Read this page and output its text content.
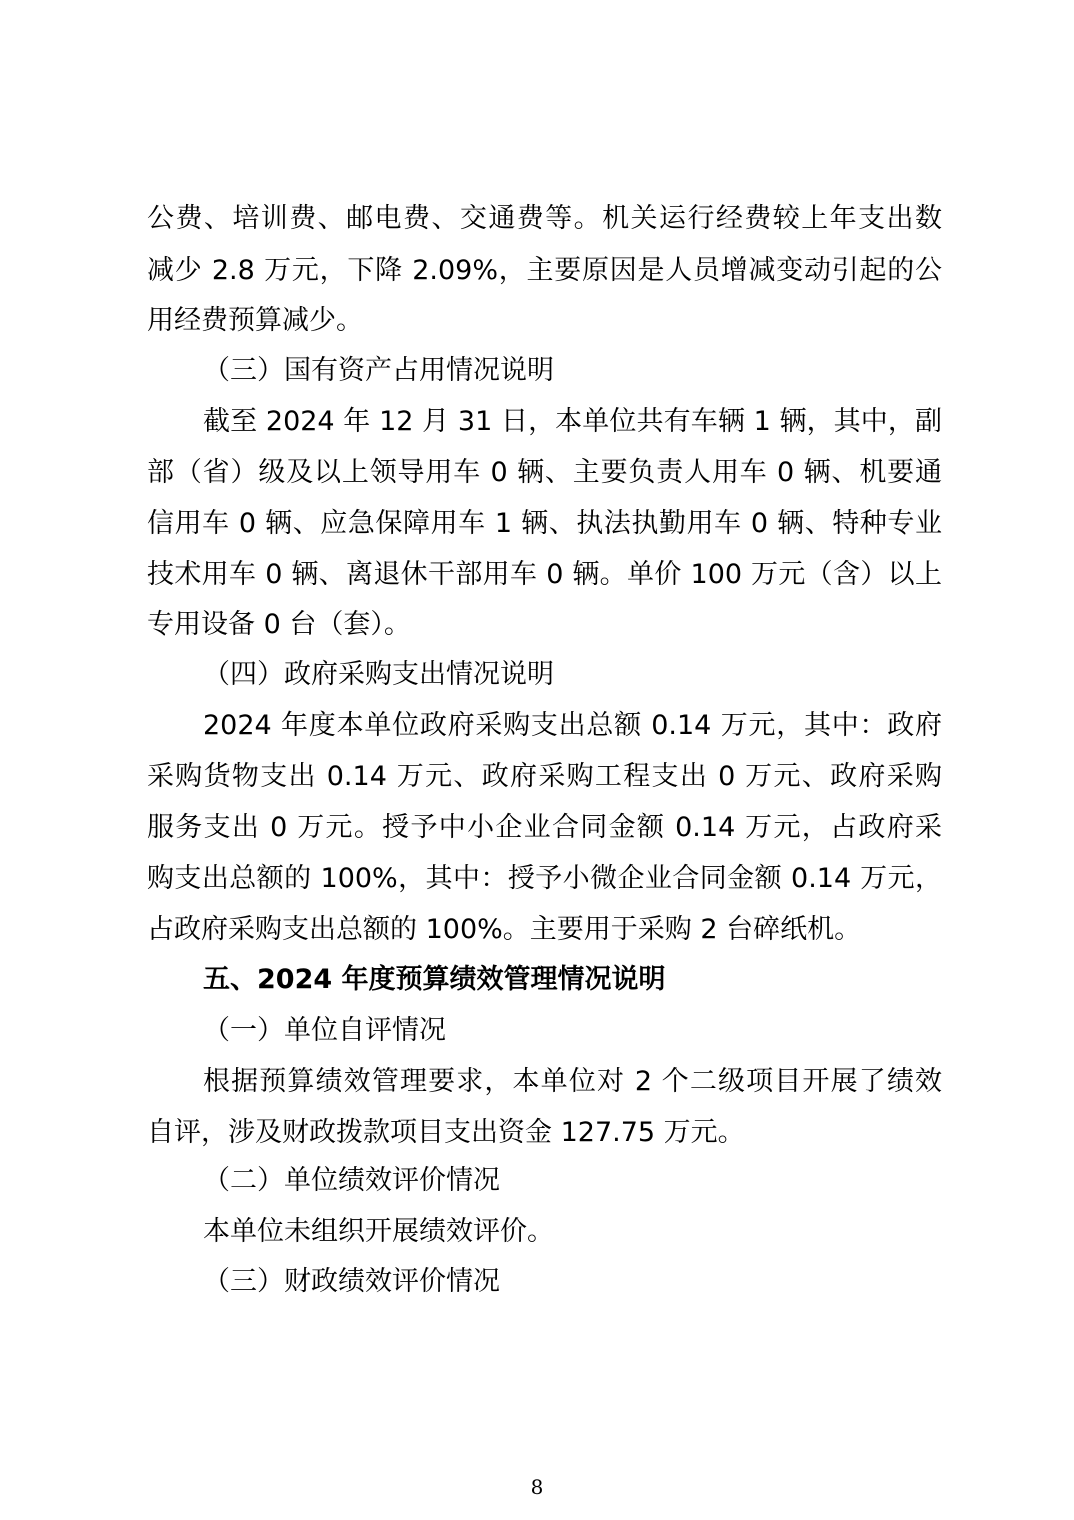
公费、培训费、邮电费、交通费等。机关运行经费较上年支出数
减少 2.8 万元，下降 2.09%，主要原因是人员增减变动引起的公
用经费预算减少。
（三）国有资产占用情况说明
截至 2024 年 12 月 31 日，本单位共有车辆 1 辆，其中，副
部（省）级及以上领导用车 0 辆、主要负责人用车 0 辆、机要通
信用车 0 辆、应急保障用车 1 辆、执法执勤用车 0 辆、特种专业
技术用车 0 辆、离退休干部用车 0 辆。单价 100 万元（含）以上
专用设备 0 台（套）。
（四）政府采购支出情况说明
2024 年度本单位政府采购支出总额 0.14 万元，其中：政府
采购货物支出 0.14 万元、政府采购工程支出 0 万元、政府采购
服务支出 0 万元。授予中小企业合同金额 0.14 万元，占政府采
购支出总额的 100%，其中：授予小微企业合同金额 0.14 万元，
占政府采购支出总额的 100%。主要用于采购 2 台碎纸机。
五、2024 年度预算绩效管理情况说明
（一）单位自评情况
根据预算绩效管理要求，本单位对 2 个二级项目开展了绩效
自评，涉及财政拨款项目支出资金 127.75 万元。
（二）单位绩效评价情况
本单位未组织开展绩效评价。
（三）财政绩效评价情况
8
